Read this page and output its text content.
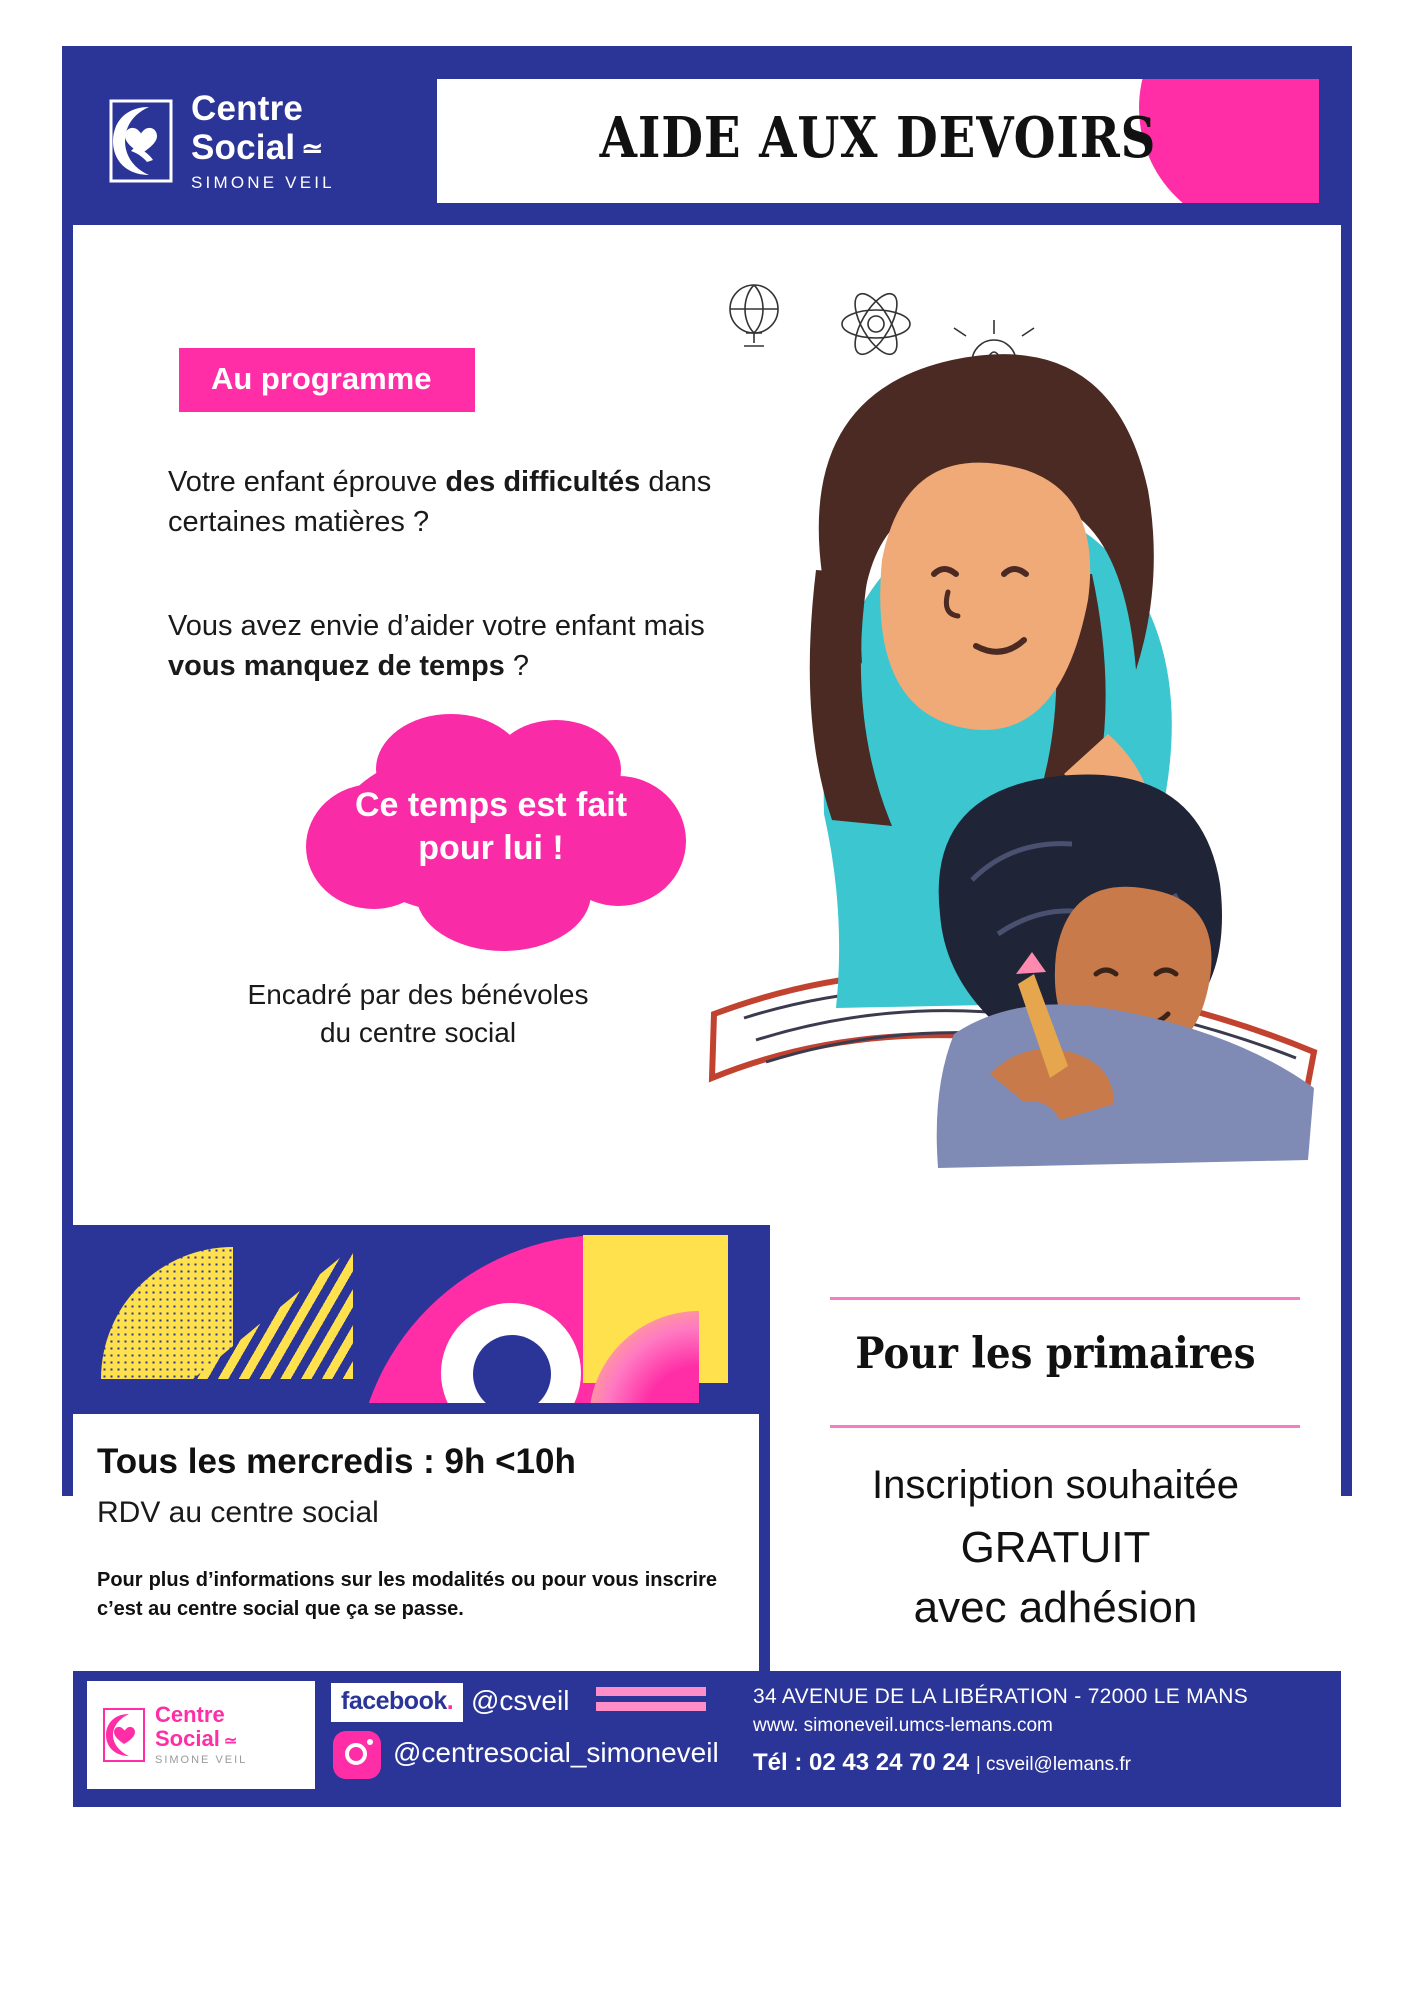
Centre
Social ≃
SIMONE VEIL
AIDE AUX DEVOIRS
Au programme
Votre enfant éprouve des difficultés dans certaines matières ?
Vous avez envie d’aider votre enfant mais vous manquez de temps ?
Ce temps est fait
pour lui !
Encadré par des bénévoles
du centre social
Tous les mercredis : 9h <10h
RDV au centre social
Pour plus d’informations sur les modalités ou pour vous inscrire c’est au centre social que ça se passe.
Pour les primaires
Inscription souhaitée
GRATUIT
avec adhésion
Centre
Social ≃
SIMONE VEIL
facebook. @csveil
@centresocial_simoneveil
34 AVENUE DE LA LIBÉRATION - 72000 LE MANS
www. simoneveil.umcs-lemans.com
Tél : 02 43 24 70 24 | csveil@lemans.fr
